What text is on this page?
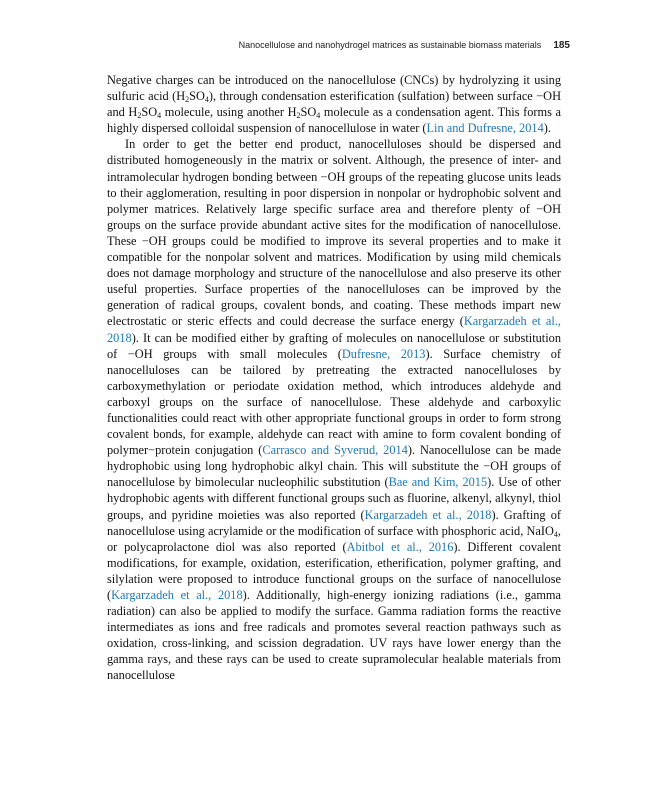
Nanocellulose and nanohydrogel matrices as sustainable biomass materials 185

Negative charges can be introduced on the nanocellulose (CNCs) by hydrolyzing it using sulfuric acid $(H_2SO_4)$, through condensation esterification (sulfation) between surface −OH and $H_2SO_4$ molecule, using another $H_2SO_4$ molecule as a condensation agent. This forms a highly dispersed colloidal suspension of nanocellulose in water (Lin and Dufresne, 2014).

In order to get the better end product, nanocelluloses should be dispersed and distributed homogeneously in the matrix or solvent. Although, the presence of inter- and intramolecular hydrogen bonding between −OH groups of the repeating glucose units leads to their agglomeration, resulting in poor dispersion in nonpolar or hydrophobic solvent and polymer matrices. Relatively large specific surface area and therefore plenty of −OH groups on the surface provide abundant active sites for the modification of nanocellulose. These −OH groups could be modified to improve its several properties and to make it compatible for the nonpolar solvent and matrices. Modification by using mild chemicals does not damage morphology and structure of the nanocellulose and also preserve its other useful properties. Surface properties of the nanocelluloses can be improved by the generation of radical groups, covalent bonds, and coating. These methods impart new electrostatic or steric effects and could decrease the surface energy (Kargarzadeh et al., 2018). It can be modified either by grafting of molecules on nanocellulose or substitution of −OH groups with small molecules (Dufresne, 2013). Surface chemistry of nanocelluloses can be tailored by pretreating the extracted nanocelluloses by carboxymethylation or periodate oxidation method, which introduces aldehyde and carboxyl groups on the surface of nanocellulose. These aldehyde and carboxylic functionalities could react with other appropriate functional groups in order to form strong covalent bonds, for example, aldehyde can react with amine to form covalent bonding of polymer−protein conjugation (Carrasco and Syverud, 2014). Nanocellulose can be made hydrophobic using long hydrophobic alkyl chain. This will substitute the −OH groups of nanocellulose by bimolecular nucleophilic substitution (Bae and Kim, 2015). Use of other hydrophobic agents with different functional groups such as fluorine, alkenyl, alkynyl, thiol groups, and pyridine moieties was also reported (Kargarzadeh et al., 2018). Grafting of nanocellulose using acrylamide or the modification of surface with phosphoric acid, NaIO$_4$, or polycaprolactone diol was also reported (Abitbol et al., 2016). Different covalent modifications, for example, oxidation, esterification, etherification, polymer grafting, and silylation were proposed to introduce functional groups on the surface of nanocellulose (Kargarzadeh et al., 2018). Additionally, high-energy ionizing radiations (i.e., gamma radiation) can also be applied to modify the surface. Gamma radiation forms the reactive intermediates as ions and free radicals and promotes several reaction pathways such as oxidation, cross-linking, and scission degradation. UV rays have lower energy than the gamma rays, and these rays can be used to create supramolecular healable materials from nanocellulose
